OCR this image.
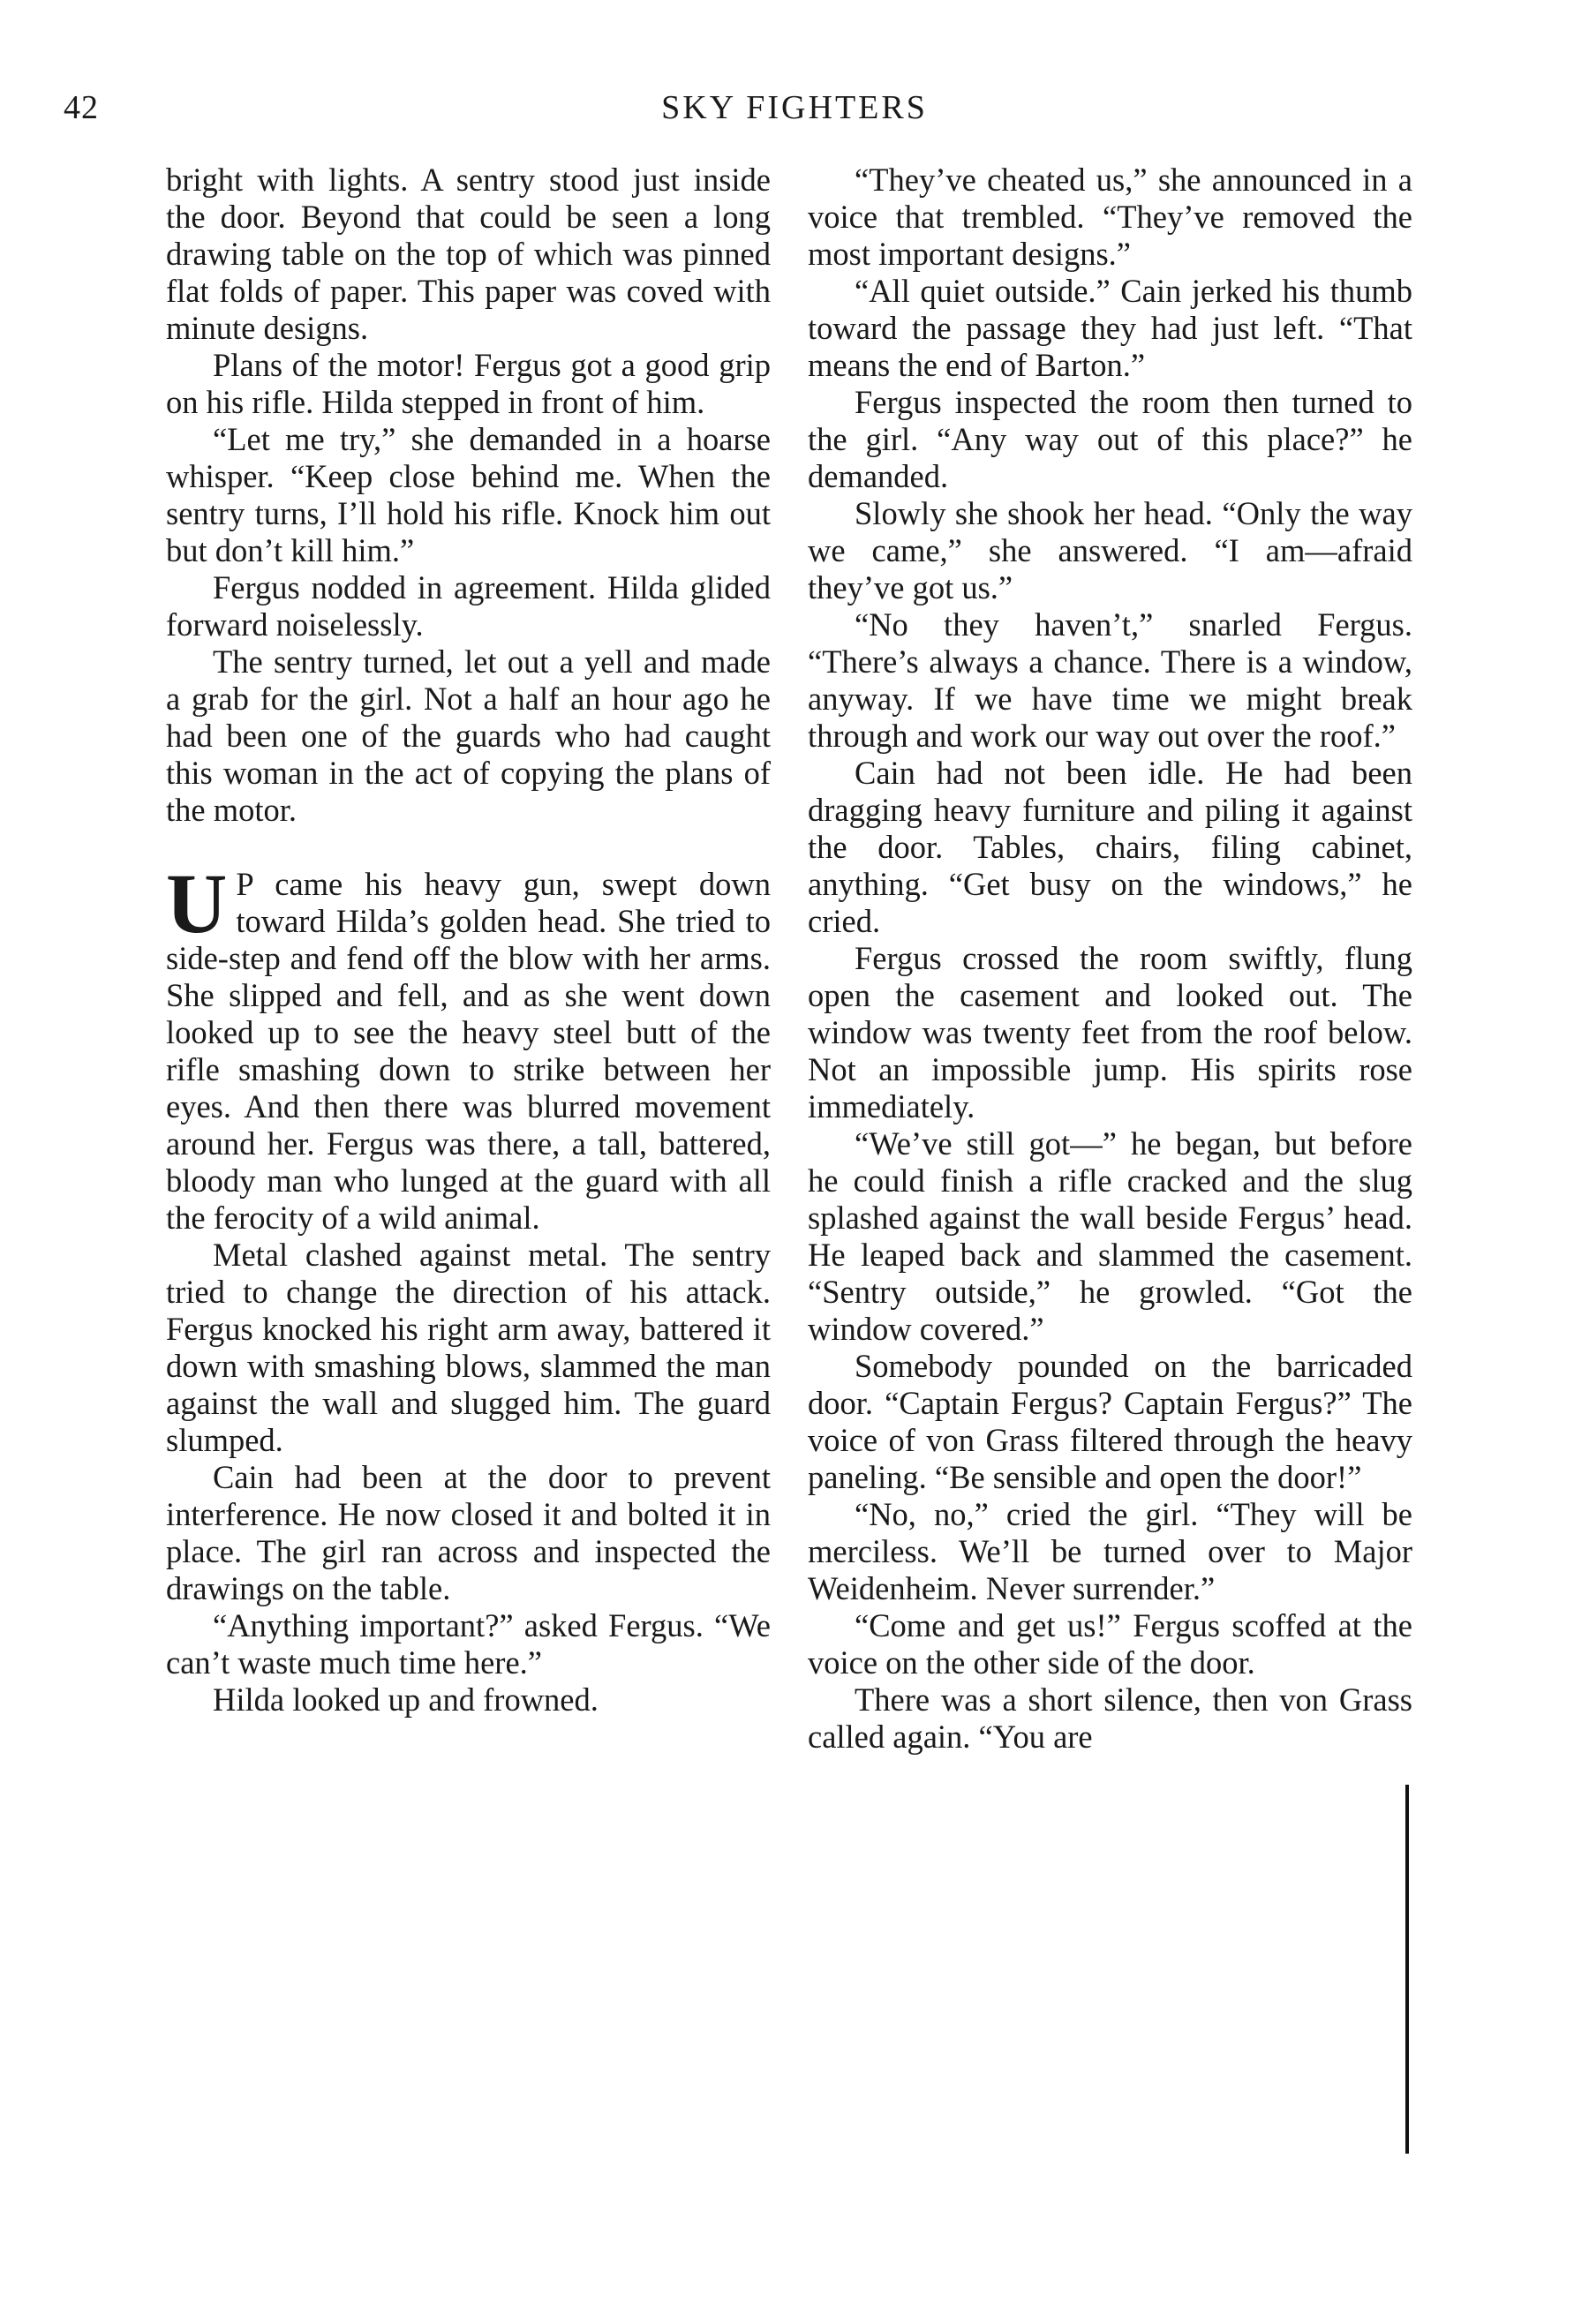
42	SKY FIGHTERS

bright with lights. A sentry stood just inside the door. Beyond that could be seen a long drawing table on the top of which was pinned flat folds of paper. This paper was coved with minute designs.

Plans of the motor! Fergus got a good grip on his rifle. Hilda stepped in front of him.

“Let me try,” she demanded in a hoarse whisper. “Keep close behind me. When the sentry turns, I’ll hold his rifle. Knock him out but don’t kill him.”

Fergus nodded in agreement. Hilda glided forward noiselessly.

The sentry turned, let out a yell and made a grab for the girl. Not a half an hour ago he had been one of the guards who had caught this woman in the act of copying the plans of the motor.

U P came his heavy gun, swept down toward Hilda’s golden head. She tried to side-step and fend off the blow with her arms. She slipped and fell, and as she went down looked up to see the heavy steel butt of the rifle smashing down to strike between her eyes. And then there was blurred movement around her. Fergus was there, a tall, battered, bloody man who lunged at the guard with all the ferocity of a wild animal.

Metal clashed against metal. The sentry tried to change the direction of his attack. Fergus knocked his right arm away, battered it down with smashing blows, slammed the man against the wall and slugged him. The guard slumped.

Cain had been at the door to prevent interference. He now closed it and bolted it in place. The girl ran across and inspected the drawings on the table.

“Anything important?” asked Fergus. “We can’t waste much time here.”

Hilda looked up and frowned.

“They’ve cheated us,” she announced in a voice that trembled. “They’ve removed the most important designs.”

“All quiet outside.” Cain jerked his thumb toward the passage they had just left. “That means the end of Barton.”

Fergus inspected the room then turned to the girl. “Any way out of this place?” he demanded.

Slowly she shook her head. “Only the way we came,” she answered. “I am—afraid they’ve got us.”

“No they haven’t,” snarled Fergus. “There’s always a chance. There is a window, anyway. If we have time we might break through and work our way out over the roof.”

Cain had not been idle. He had been dragging heavy furniture and piling it against the door. Tables, chairs, filing cabinet, anything. “Get busy on the windows,” he cried.

Fergus crossed the room swiftly, flung open the casement and looked out. The window was twenty feet from the roof below. Not an impossible jump. His spirits rose immediately.

“We’ve still got—” he began, but before he could finish a rifle cracked and the slug splashed against the wall beside Fergus’ head. He leaped back and slammed the casement. “Sentry outside,” he growled. “Got the window covered.”

Somebody pounded on the barricaded door. “Captain Fergus? Captain Fergus?” The voice of von Grass filtered through the heavy paneling. “Be sensible and open the door!”

“No, no,” cried the girl. “They will be merciless. We’ll be turned over to Major Weidenheim. Never surrender.”

“Come and get us!” Fergus scoffed at the voice on the other side of the door.

There was a short silence, then von Grass called again. “You are
